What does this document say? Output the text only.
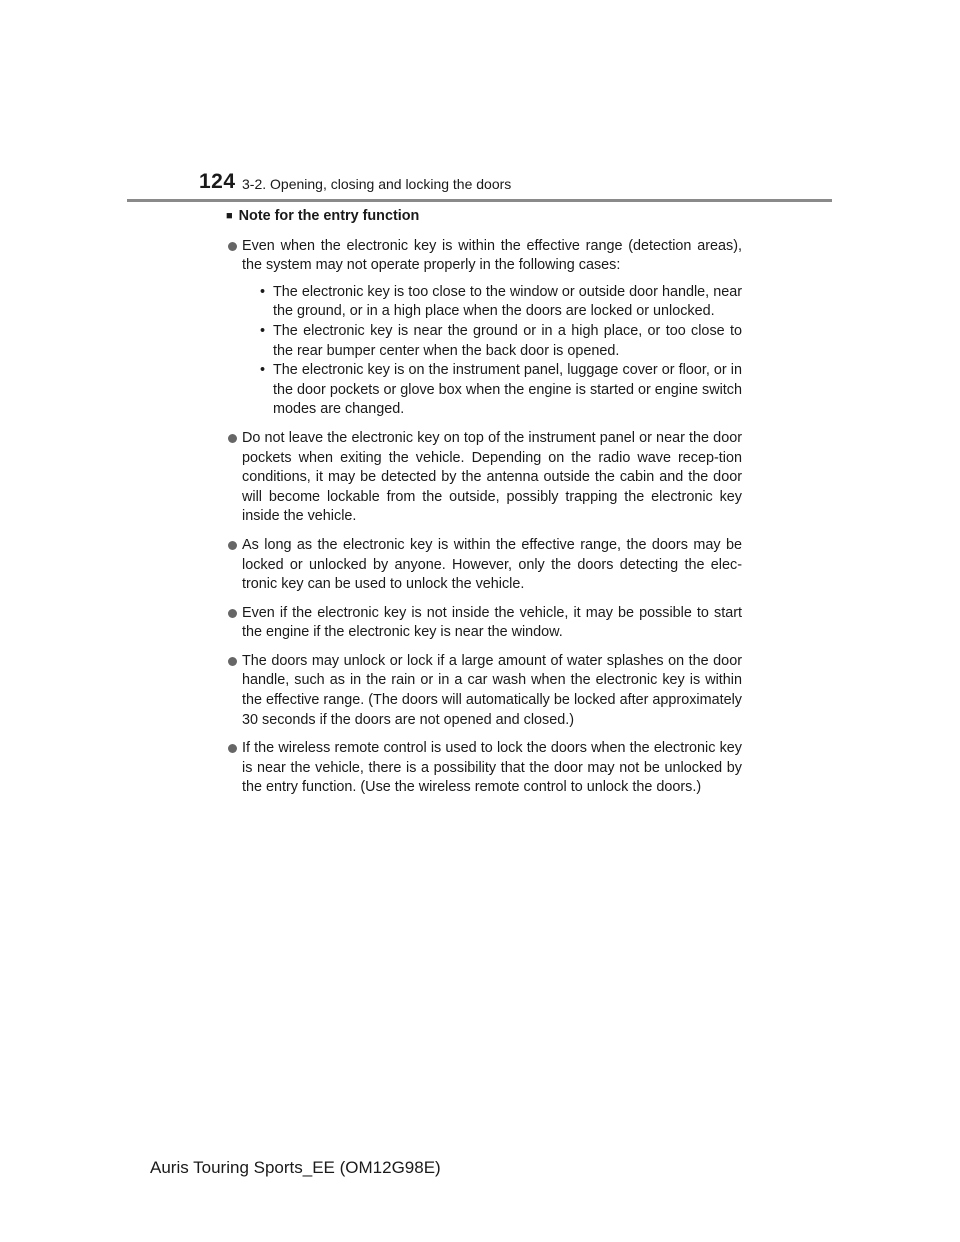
124 3-2. Opening, closing and locking the doors
■ Note for the entry function
Even when the electronic key is within the effective range (detection areas), the system may not operate properly in the following cases:
• The electronic key is too close to the window or outside door handle, near the ground, or in a high place when the doors are locked or unlocked.
• The electronic key is near the ground or in a high place, or too close to the rear bumper center when the back door is opened.
• The electronic key is on the instrument panel, luggage cover or floor, or in the door pockets or glove box when the engine is started or engine switch modes are changed.
Do not leave the electronic key on top of the instrument panel or near the door pockets when exiting the vehicle. Depending on the radio wave recep-tion conditions, it may be detected by the antenna outside the cabin and the door will become lockable from the outside, possibly trapping the electronic key inside the vehicle.
As long as the electronic key is within the effective range, the doors may be locked or unlocked by anyone. However, only the doors detecting the elec-tronic key can be used to unlock the vehicle.
Even if the electronic key is not inside the vehicle, it may be possible to start the engine if the electronic key is near the window.
The doors may unlock or lock if a large amount of water splashes on the door handle, such as in the rain or in a car wash when the electronic key is within the effective range. (The doors will automatically be locked after approximately 30 seconds if the doors are not opened and closed.)
If the wireless remote control is used to lock the doors when the electronic key is near the vehicle, there is a possibility that the door may not be unlocked by the entry function. (Use the wireless remote control to unlock the doors.)
Auris Touring Sports_EE (OM12G98E)
